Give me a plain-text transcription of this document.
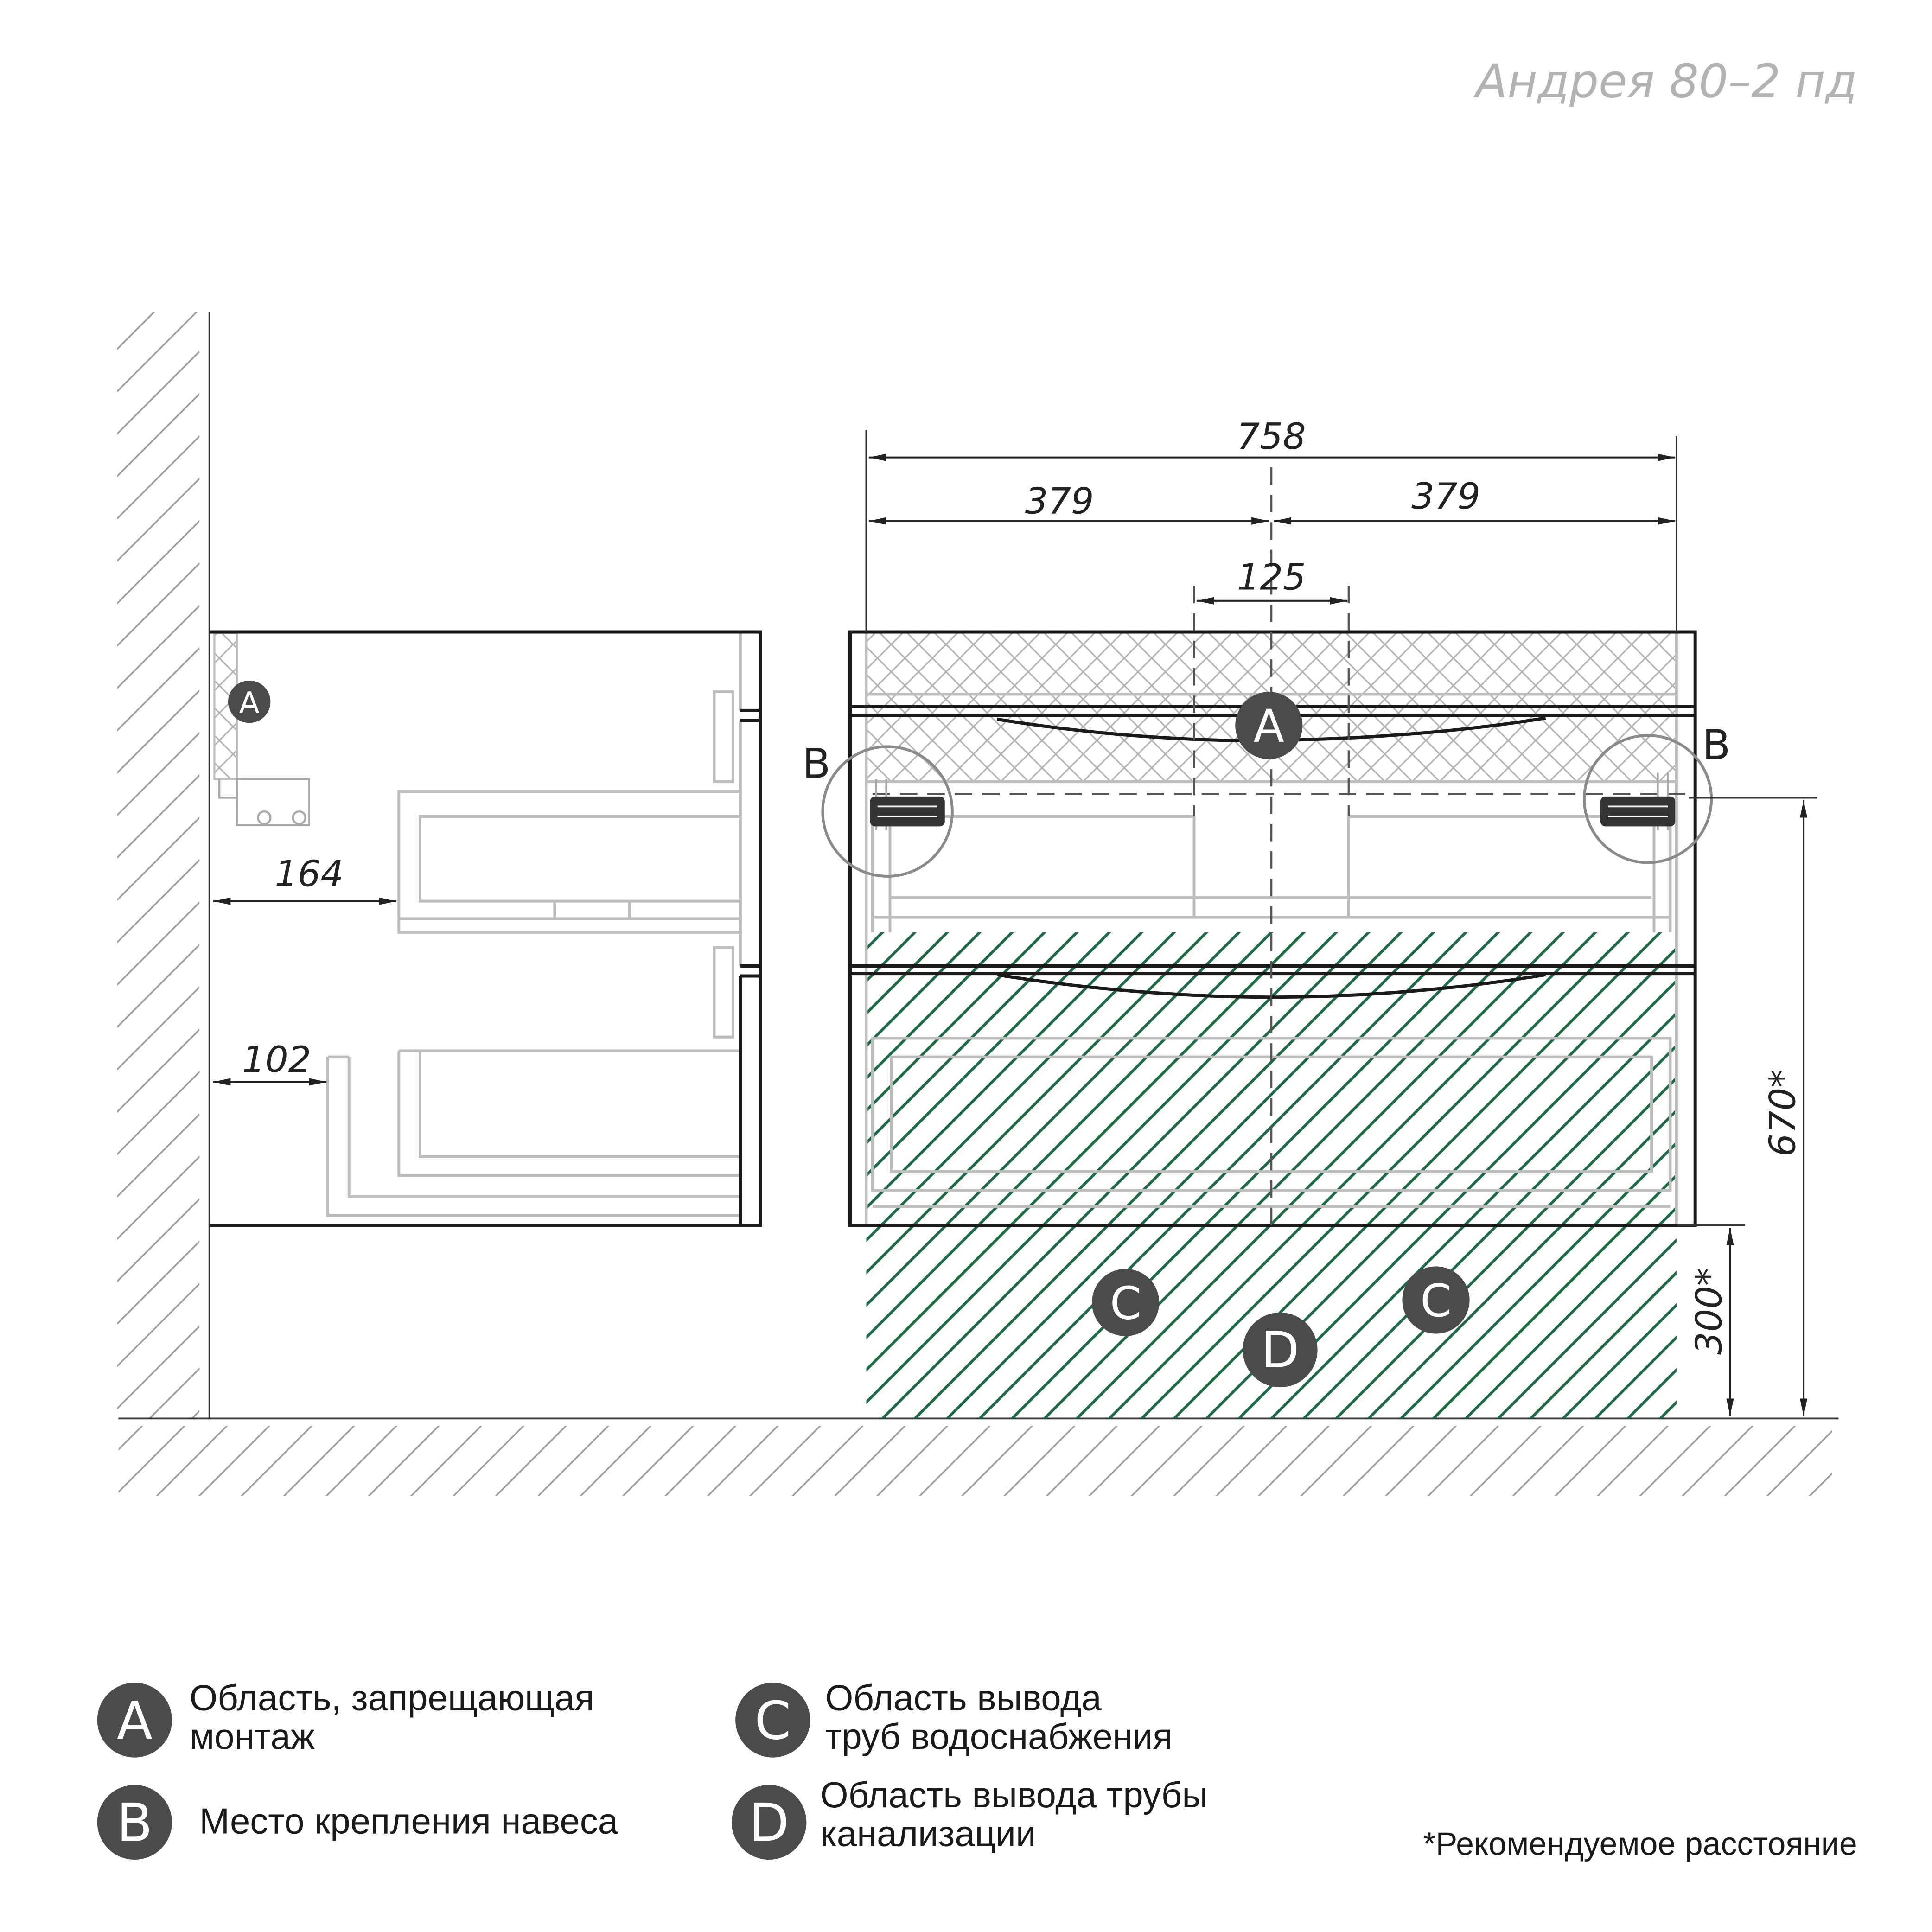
Андрея 80–2 пд
A
164
102
B	B
A
C	C
D
758
379	379
125
670*
300*
A	Область, запрещающая
монтаж
B	Место крепления навеса
C	Область вывода
труб водоснабжения
D Область вывода трубы
канализации	*Рекомендуемое расстояние
